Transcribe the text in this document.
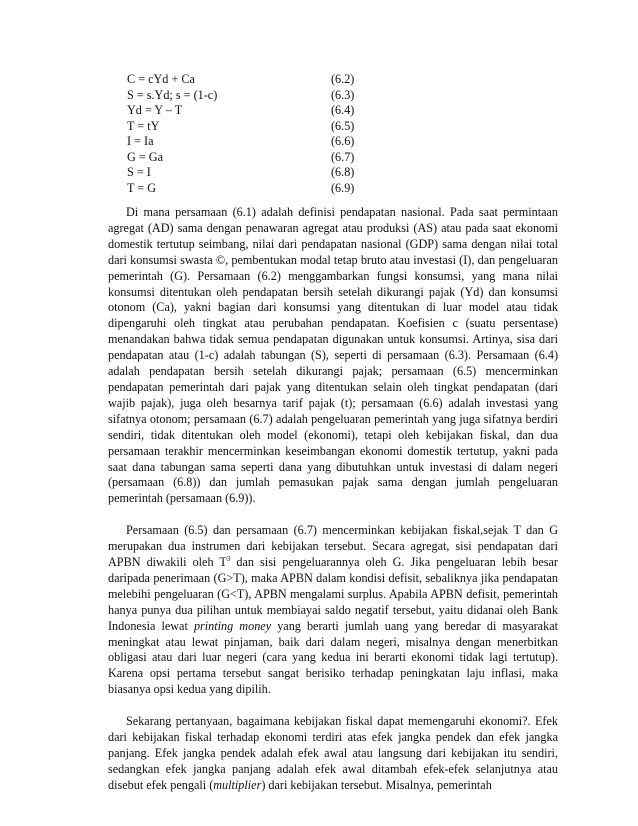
C = cYd + Ca	(6.2)
S = s.Yd; s = (1-c)	(6.3)
Yd = Y – T	(6.4)
T = tY	(6.5)
I = Ia	(6.6)
G = Ga	(6.7)
S = I	(6.8)
T = G	(6.9)

Di mana persamaan (6.1) adalah definisi pendapatan nasional. Pada saat permintaan agregat (AD) sama dengan penawaran agregat atau produksi (AS) atau pada saat ekonomi domestik tertutup seimbang, nilai dari pendapatan nasional (GDP) sama dengan nilai total dari konsumsi swasta ©, pembentukan modal tetap bruto atau investasi (I), dan pengeluaran pemerintah (G). Persamaan (6.2) menggambarkan fungsi konsumsi, yang mana nilai konsumsi ditentukan oleh pendapatan bersih setelah dikurangi pajak (Yd) dan konsumsi otonom (Ca), yakni bagian dari konsumsi yang ditentukan di luar model atau tidak dipengaruhi oleh tingkat atau perubahan pendapatan. Koefisien c (suatu persentase) menandakan bahwa tidak semua pendapatan digunakan untuk konsumsi. Artinya, sisa dari pendapatan atau (1-c) adalah tabungan (S), seperti di persamaan (6.3). Persamaan (6.4) adalah pendapatan bersih setelah dikurangi pajak; persamaan (6.5) mencerminkan pendapatan pemerintah dari pajak yang ditentukan selain oleh tingkat pendapatan (dari wajib pajak), juga oleh besarnya tarif pajak (t); persamaan (6.6) adalah investasi yang sifatnya otonom; persamaan (6.7) adalah pengeluaran pemerintah yang juga sifatnya berdiri sendiri, tidak ditentukan oleh model (ekonomi), tetapi oleh kebijakan fiskal, dan dua persamaan terakhir mencerminkan keseimbangan ekonomi domestik tertutup, yakni pada saat dana tabungan sama seperti dana yang dibutuhkan untuk investasi di dalam negeri (persamaan (6.8)) dan jumlah pemasukan pajak sama dengan jumlah pengeluaran pemerintah (persamaan (6.9)).

Persamaan (6.5) dan persamaan (6.7) mencerminkan kebijakan fiskal,sejak T dan G merupakan dua instrumen dari kebijakan tersebut. Secara agregat, sisi pendapatan dari APBN diwakili oleh $T^3$ dan sisi pengeluarannya oleh G. Jika pengeluaran lebih besar daripada penerimaan (G>T), maka APBN dalam kondisi defisit, sebaliknya jika pendapatan melebihi pengeluaran (G<T), APBN mengalami surplus. Apabila APBN defisit, pemerintah hanya punya dua pilihan untuk membiayai saldo negatif tersebut, yaitu didanai oleh Bank Indonesia lewat printing money yang berarti jumlah uang yang beredar di masyarakat meningkat atau lewat pinjaman, baik dari dalam negeri, misalnya dengan menerbitkan obligasi atau dari luar negeri (cara yang kedua ini berarti ekonomi tidak lagi tertutup). Karena opsi pertama tersebut sangat berisiko terhadap peningkatan laju inflasi, maka biasanya opsi kedua yang dipilih.

Sekarang pertanyaan, bagaimana kebijakan fiskal dapat memengaruhi ekonomi?. Efek dari kebijakan fiskal terhadap ekonomi terdiri atas efek jangka pendek dan efek jangka panjang. Efek jangka pendek adalah efek awal atau langsung dari kebijakan itu sendiri, sedangkan efek jangka panjang adalah efek awal ditambah efek-efek selanjutnya atau disebut efek pengali (multiplier) dari kebijakan tersebut. Misalnya, pemerintah
